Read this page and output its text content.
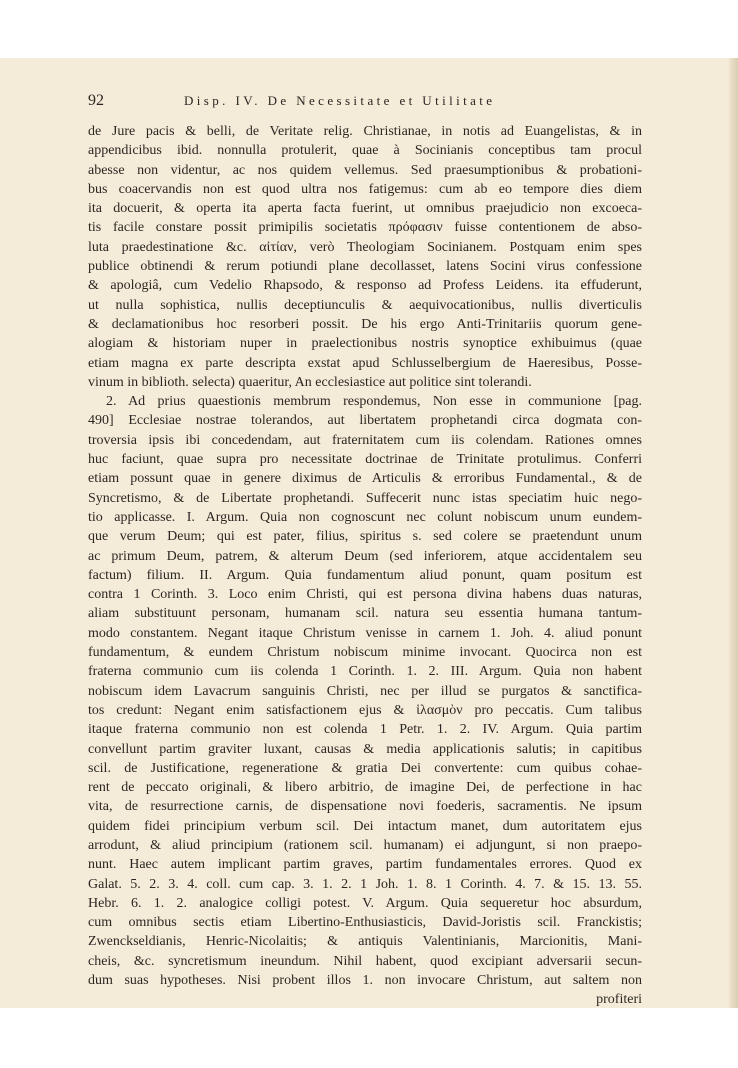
92	Disp. IV. De Necessitate et Utilitate
de Jure pacis & belli, de Veritate relig. Christianae, in notis ad Euangelistas, & in
appendicibus ibid. nonnulla protulerit, quae à Socinianis conceptibus tam procul
abesse non videntur, ac nos quidem vellemus. Sed praesumptionibus & probationi-
bus coacervandis non est quod ultra nos fatigemus: cum ab eo tempore dies diem
ita docuerit, & operta ita aperta facta fuerint, ut omnibus praejudicio non excoeca-
tis facile constare possit primipilis societatis πρόφασιν fuisse contentionem de abso-
luta praedestinatione &c. αἰτίαν, verò Theologiam Socinianem. Postquam enim spes
publice obtinendi & rerum potiundi plane decollasset, latens Socini virus confessione
& apologiâ, cum Vedelio Rhapsodo, & responso ad Profess Leidens. ita effuderunt,
ut nulla sophistica, nullis deceptiunculis & aequivocationibus, nullis diverticulis
& declamationibus hoc resorberi possit. De his ergo Anti-Trinitariis quorum gene-
alogiam & historiam nuper in praelectionibus nostris synoptice exhibuimus (quae
etiam magna ex parte descripta exstat apud Schlusselbergium de Haeresibus, Posse-
vinum in biblioth. selecta) quaeritur, An ecclesiastice aut politice sint tolerandi.
2. Ad prius quaestionis membrum respondemus, Non esse in communione [pag.
490] Ecclesiae nostrae tolerandos, aut libertatem prophetandi circa dogmata con-
troversia ipsis ibi concedendam, aut fraternitatem cum iis colendam. Rationes omnes
huc faciunt, quae supra pro necessitate doctrinae de Trinitate protulimus. Conferri
etiam possunt quae in genere diximus de Articulis & erroribus Fundamental., & de
Syncretismo, & de Libertate prophetandi. Suffecerit nunc istas speciatim huic nego-
tio applicasse. I. Argum. Quia non cognoscunt nec colunt nobiscum unum eundem-
que verum Deum; qui est pater, filius, spiritus s. sed colere se praetendunt unum
ac primum Deum, patrem, & alterum Deum (sed inferiorem, atque accidentalem seu
factum) filium. II. Argum. Quia fundamentum aliud ponunt, quam positum est
contra 1 Corinth. 3. Loco enim Christi, qui est persona divina habens duas naturas,
aliam substituunt personam, humanam scil. natura seu essentia humana tantum-
modo constantem. Negant itaque Christum venisse in carnem 1. Joh. 4. aliud ponunt
fundamentum, & eundem Christum nobiscum minime invocant. Quocirca non est
fraterna communio cum iis colenda 1 Corinth. 1. 2. III. Argum. Quia non habent
nobiscum idem Lavacrum sanguinis Christi, nec per illud se purgatos & sanctifica-
tos credunt: Negant enim satisfactionem ejus & ἱλασμὸν pro peccatis. Cum talibus
itaque fraterna communio non est colenda 1 Petr. 1. 2. IV. Argum. Quia partim
convellunt partim graviter luxant, causas & media applicationis salutis; in capitibus
scil. de Justificatione, regeneratione & gratia Dei convertente: cum quibus cohae-
rent de peccato originali, & libero arbitrio, de imagine Dei, de perfectione in hac
vita, de resurrectione carnis, de dispensatione novi foederis, sacramentis. Ne ipsum
quidem fidei principium verbum scil. Dei intactum manet, dum autoritatem ejus
arrodunt, & aliud principium (rationem scil. humanam) ei adjungunt, si non praepo-
nunt. Haec autem implicant partim graves, partim fundamentales errores. Quod ex
Galat. 5. 2. 3. 4. coll. cum cap. 3. 1. 2. 1 Joh. 1. 8. 1 Corinth. 4. 7. & 15. 13. 55.
Hebr. 6. 1. 2. analogice colligi potest. V. Argum. Quia sequeretur hoc absurdum,
cum omnibus sectis etiam Libertino-Enthusiasticis, David-Joristis scil. Franckistis;
Zwenckseldianis, Henric-Nicolaitis; & antiquis Valentinianis, Marcionitis, Mani-
cheis, &c. syncretismum ineundum. Nihil habent, quod excipiant adversarii secun-
dum suas hypotheses. Nisi probent illos 1. non invocare Christum, aut saltem non
profiteri
